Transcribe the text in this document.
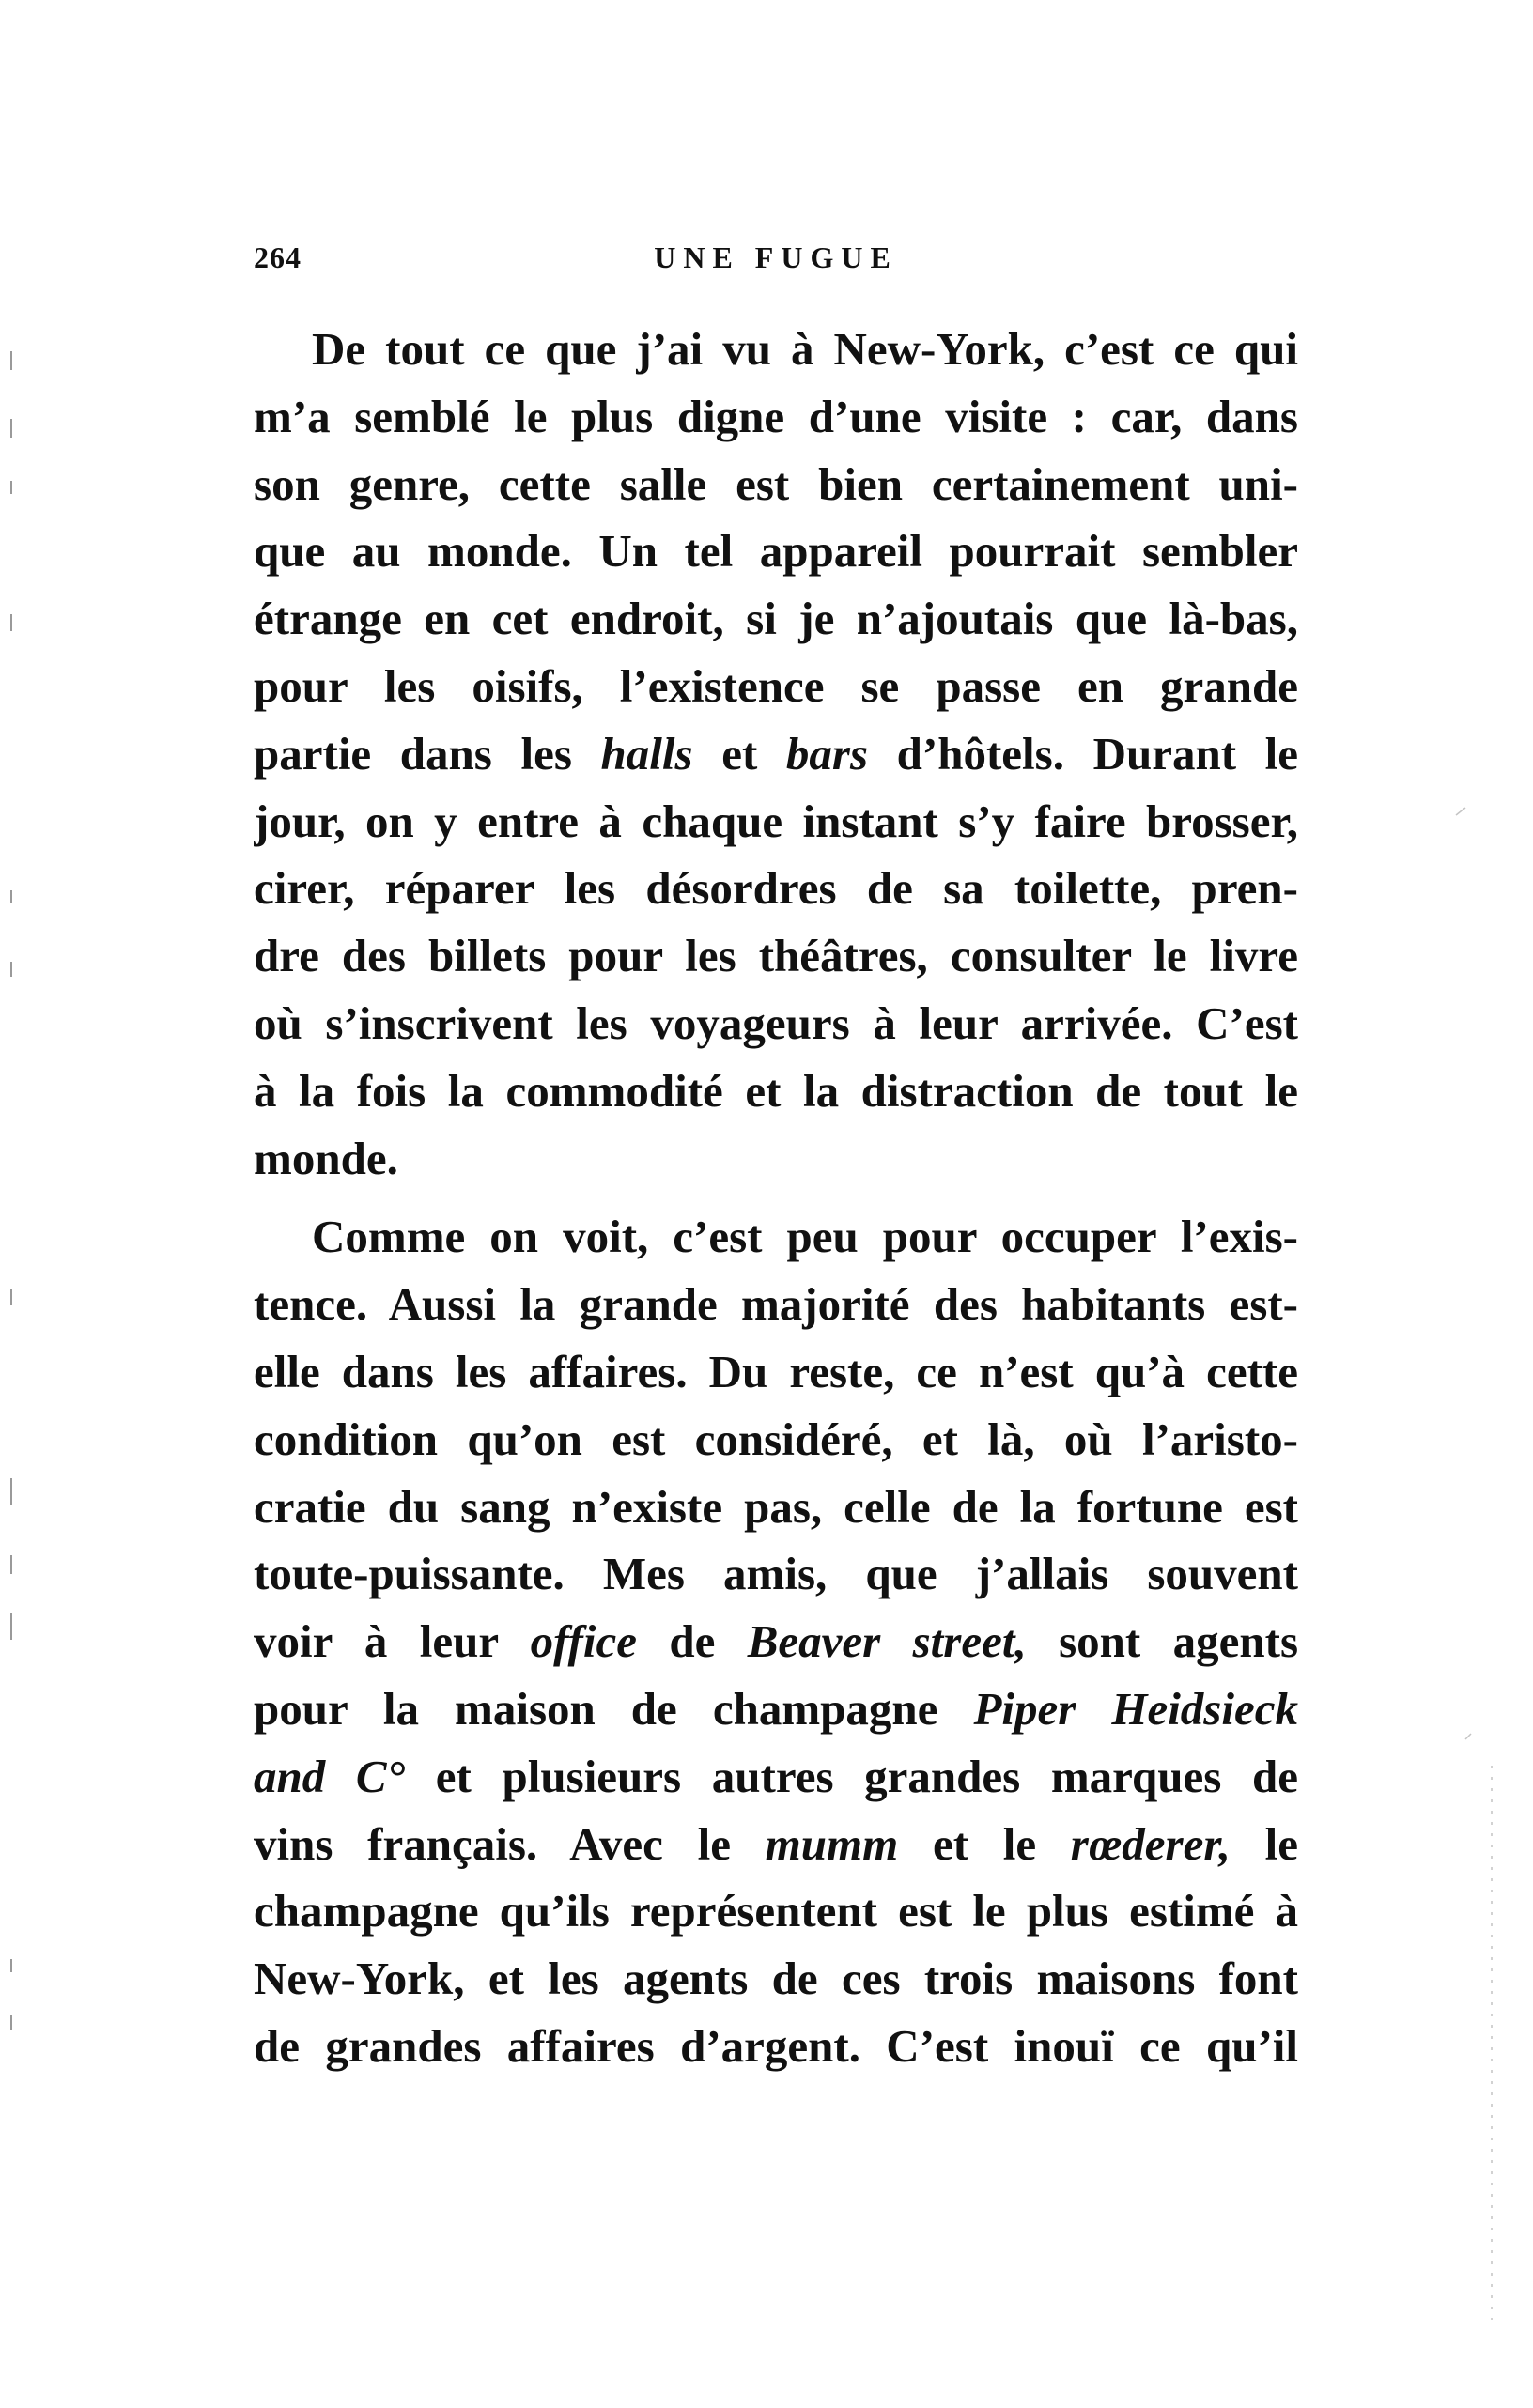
264	UNE FUGUE
De tout ce que j’ai vu à New-York, c’est ce qui
m’a semblé le plus digne d’une visite : car, dans
son genre, cette salle est bien certainement uni-
que au monde. Un tel appareil pourrait sembler
étrange en cet endroit, si je n’ajoutais que là-bas,
pour les oisifs, l’existence se passe en grande
partie dans les halls et bars d’hôtels. Durant le
jour, on y entre à chaque instant s’y faire brosser,
cirer, réparer les désordres de sa toilette, pren-
dre des billets pour les théâtres, consulter le livre
où s’inscrivent les voyageurs à leur arrivée. C’est
à la fois la commodité et la distraction de tout le
monde.
Comme on voit, c’est peu pour occuper l’exis-
tence. Aussi la grande majorité des habitants est-
elle dans les affaires. Du reste, ce n’est qu’à cette
condition qu’on est considéré, et là, où l’aristo-
cratie du sang n’existe pas, celle de la fortune est
toute-puissante. Mes amis, que j’allais souvent
voir à leur office de Beaver street, sont agents
pour la maison de champagne Piper Heidsieck
and C° et plusieurs autres grandes marques de
vins français. Avec le mumm et le rœderer, le
champagne qu’ils représentent est le plus estimé à
New-York, et les agents de ces trois maisons font
de grandes affaires d’argent. C’est inouï ce qu’il
